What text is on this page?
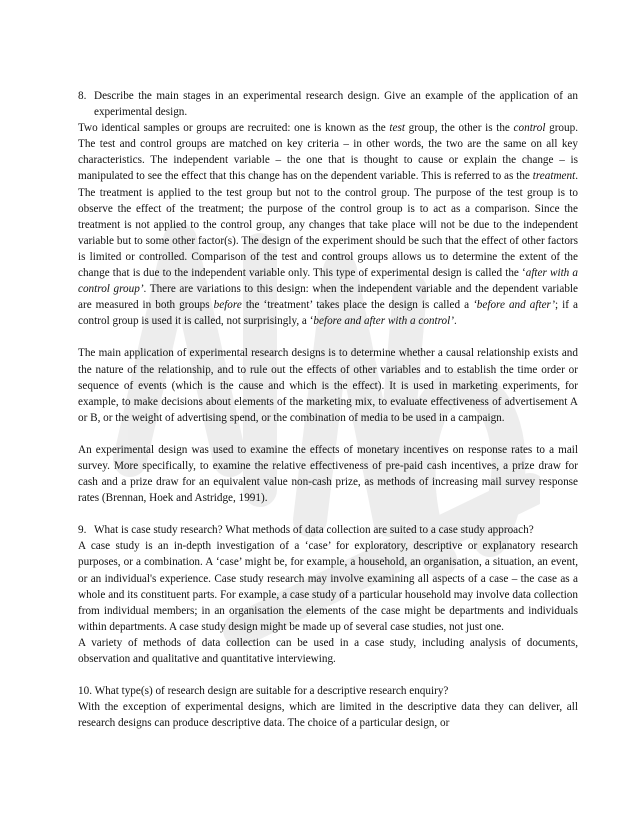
8. Describe the main stages in an experimental research design. Give an example of the application of an experimental design.

Two identical samples or groups are recruited: one is known as the test group, the other is the control group. The test and control groups are matched on key criteria – in other words, the two are the same on all key characteristics. The independent variable – the one that is thought to cause or explain the change – is manipulated to see the effect that this change has on the dependent variable. This is referred to as the treatment. The treatment is applied to the test group but not to the control group. The purpose of the test group is to observe the effect of the treatment; the purpose of the control group is to act as a comparison. Since the treatment is not applied to the control group, any changes that take place will not be due to the independent variable but to some other factor(s). The design of the experiment should be such that the effect of other factors is limited or controlled. Comparison of the test and control groups allows us to determine the extent of the change that is due to the independent variable only. This type of experimental design is called the ‘after with a control group’. There are variations to this design: when the independent variable and the dependent variable are measured in both groups before the ‘treatment’ takes place the design is called a ‘before and after’; if a control group is used it is called, not surprisingly, a ‘before and after with a control’.

The main application of experimental research designs is to determine whether a causal relationship exists and the nature of the relationship, and to rule out the effects of other variables and to establish the time order or sequence of events (which is the cause and which is the effect). It is used in marketing experiments, for example, to make decisions about elements of the marketing mix, to evaluate effectiveness of advertisement A or B, or the weight of advertising spend, or the combination of media to be used in a campaign.

An experimental design was used to examine the effects of monetary incentives on response rates to a mail survey. More specifically, to examine the relative effectiveness of pre-paid cash incentives, a prize draw for cash and a prize draw for an equivalent value non-cash prize, as methods of increasing mail survey response rates (Brennan, Hoek and Astridge, 1991).

9. What is case study research? What methods of data collection are suited to a case study approach?

A case study is an in-depth investigation of a ‘case’ for exploratory, descriptive or explanatory research purposes, or a combination. A ‘case’ might be, for example, a household, an organisation, a situation, an event, or an individual's experience. Case study research may involve examining all aspects of a case – the case as a whole and its constituent parts. For example, a case study of a particular household may involve data collection from individual members; in an organisation the elements of the case might be departments and individuals within departments. A case study design might be made up of several case studies, not just one.

A variety of methods of data collection can be used in a case study, including analysis of documents, observation and qualitative and quantitative interviewing.

10. What type(s) of research design are suitable for a descriptive research enquiry?

With the exception of experimental designs, which are limited in the descriptive data they can deliver, all research designs can produce descriptive data. The choice of a particular design, or
